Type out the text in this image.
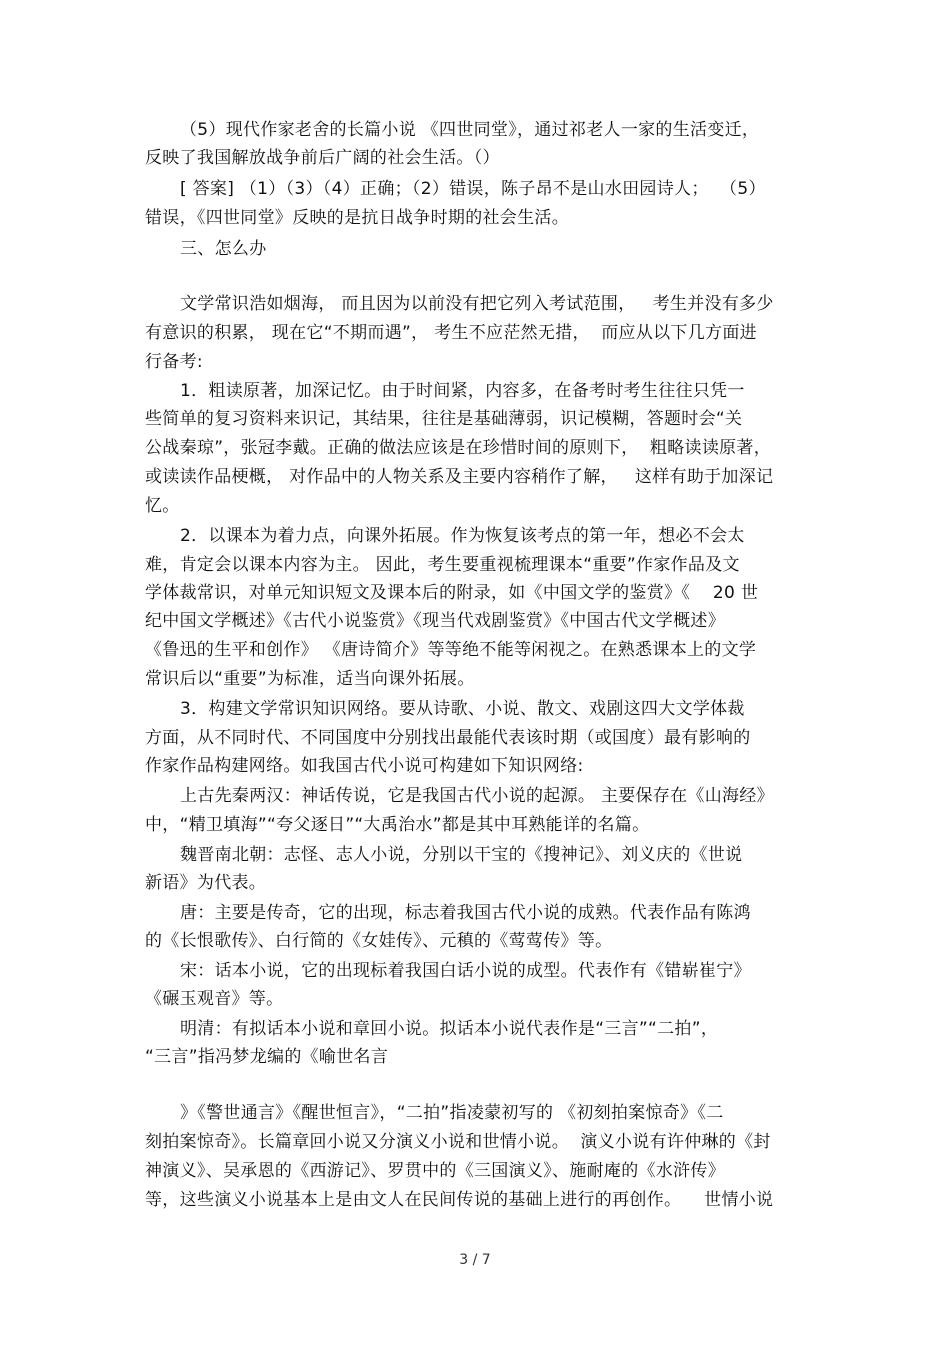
（5）现代作家老舍的长篇小说 《四世同堂》，通过祁老人一家的生活变迁，
反映了我国解放战争前后广阔的社会生活。（）
[ 答案] （1）（3）（4）正确；（2）错误，陈子昂不是山水田园诗人；  （5）
错误，《四世同堂》反映的是抗日战争时期的社会生活。
三、怎么办
文学常识浩如烟海， 而且因为以前没有把它列入考试范围，   考生并没有多少
有意识的积累， 现在它“不期而遇”， 考生不应茫然无措，  而应从以下几方面进
行备考:
1．粗读原著，加深记忆。由于时间紧，内容多，在备考时考生往往只凭一
些简单的复习资料来识记，其结果，往往是基础薄弱，识记模糊，答题时会“关
公战秦琼”，张冠李戴。正确的做法应该是在珍惜时间的原则下，  粗略读读原著，
或读读作品梗概， 对作品中的人物关系及主要内容稍作了解，   这样有助于加深记
忆。
2．以课本为着力点，向课外拓展。作为恢复该考点的第一年，想必不会太
难，肯定会以课本内容为主。 因此，考生要重视梳理课本“重要”作家作品及文
学体裁常识，对单元知识短文及课本后的附录，如《中国文学的鉴赏》《    20 世
纪中国文学概述》《古代小说鉴赏》《现当代戏剧鉴赏》《中国古代文学概述》
《鲁迅的生平和创作》 《唐诗简介》等等绝不能等闲视之。在熟悉课本上的文学
常识后以“重要”为标准，适当向课外拓展。
3．构建文学常识知识网络。要从诗歌、小说、散文、戏剧这四大文学体裁
方面，从不同时代、不同国度中分别找出最能代表该时期（或国度）最有影响的
作家作品构建网络。如我国古代小说可构建如下知识网络:
上古先秦两汉：神话传说，它是我国古代小说的起源。 主要保存在《山海经》
中，“精卫填海”“夸父逐日”“大禹治水”都是其中耳熟能详的名篇。
魏晋南北朝：志怪、志人小说，分别以干宝的《搜神记》、刘义庆的《世说
新语》为代表。
唐：主要是传奇，它的出现，标志着我国古代小说的成熟。代表作品有陈鸿
的《长恨歌传》、白行简的《女娃传》、元稹的《莺莺传》等。
宋：话本小说，它的出现标着我国白话小说的成型。代表作有《错崭崔宁》
《碾玉观音》等。
明清：有拟话本小说和章回小说。拟话本小说代表作是“三言”“二拍”，
“三言”指冯梦龙编的《喻世名言
》《警世通言》《醒世恒言》，“二拍”指凌蒙初写的 《初刻拍案惊奇》《二
刻拍案惊奇》。长篇章回小说又分演义小说和世情小说。  演义小说有许仲琳的《封
神演义》、吴承恩的《西游记》、罗贯中的《三国演义》、施耐庵的《水浒传》
等，这些演义小说基本上是由文人在民间传说的基础上进行的再创作。    世情小说
3 / 7
